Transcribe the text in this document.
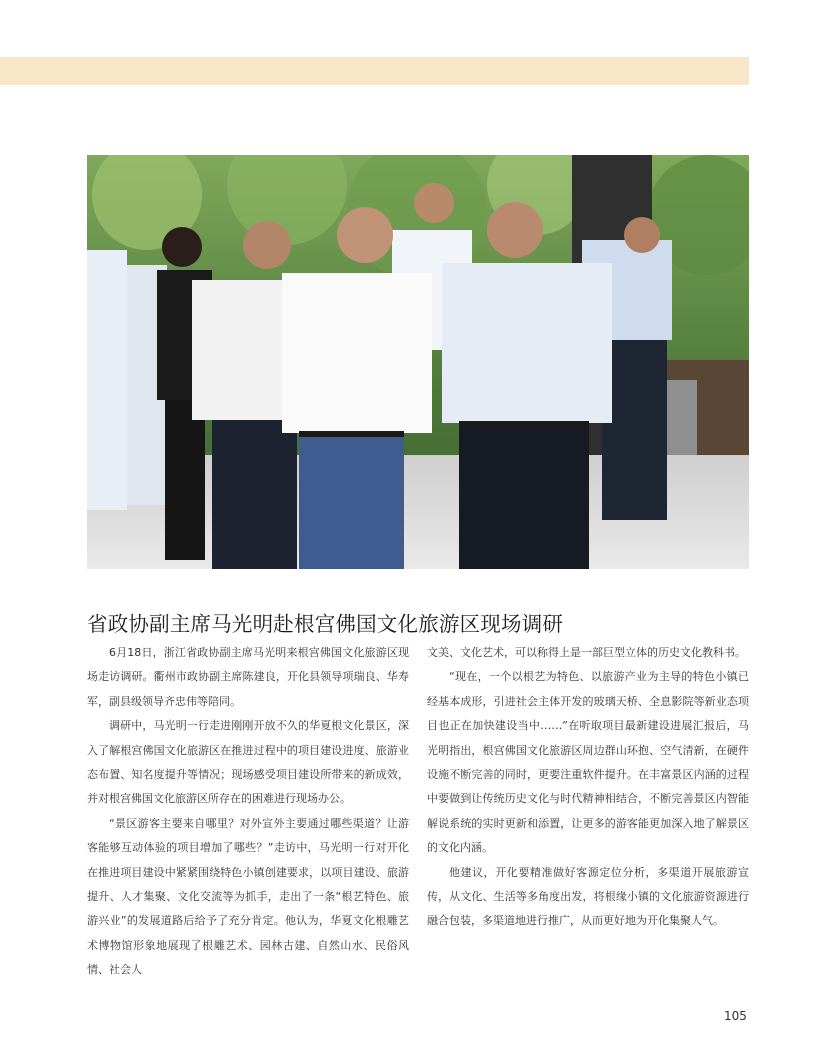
省政协副主席马光明赴根宫佛国文化旅游区现场调研

6月18日，浙江省政协副主席马光明来根宫佛国文化旅游区现场走访调研。衢州市政协副主席陈建良，开化县领导项瑞良、华寿军，副县级领导齐忠伟等陪同。

调研中，马光明一行走进刚刚开放不久的华夏根文化景区，深入了解根宫佛国文化旅游区在推进过程中的项目建设进度、旅游业态布置、知名度提升等情况；现场感受项目建设所带来的新成效，并对根宫佛国文化旅游区所存在的困难进行现场办公。

“景区游客主要来自哪里？对外宣外主要通过哪些渠道？让游客能够互动体验的项目增加了哪些？”走访中，马光明一行对开化在推进项目建设中紧紧围绕特色小镇创建要求，以项目建设、旅游提升、人才集聚、文化交流等为抓手，走出了一条“根艺特色、旅游兴业”的发展道路后给予了充分肯定。他认为，华夏文化根雕艺术博物馆形象地展现了根雕艺术、园林古建、自然山水、民俗风情、社会人

文美、文化艺术，可以称得上是一部巨型立体的历史文化教科书。

“现在，一个以根艺为特色、以旅游产业为主导的特色小镇已经基本成形，引进社会主体开发的玻璃天桥、全息影院等新业态项目也正在加快建设当中……”在听取项目最新建设进展汇报后，马光明指出，根宫佛国文化旅游区周边群山环抱、空气清新，在硬件设施不断完善的同时，更要注重软件提升。在丰富景区内涵的过程中要做到让传统历史文化与时代精神相结合，不断完善景区内智能解说系统的实时更新和添置，让更多的游客能更加深入地了解景区的文化内涵。

他建议，开化要精准做好客源定位分析，多渠道开展旅游宣传，从文化、生活等多角度出发，将根缘小镇的文化旅游资源进行融合包装，多渠道地进行推广，从而更好地为开化集聚人气。

105
